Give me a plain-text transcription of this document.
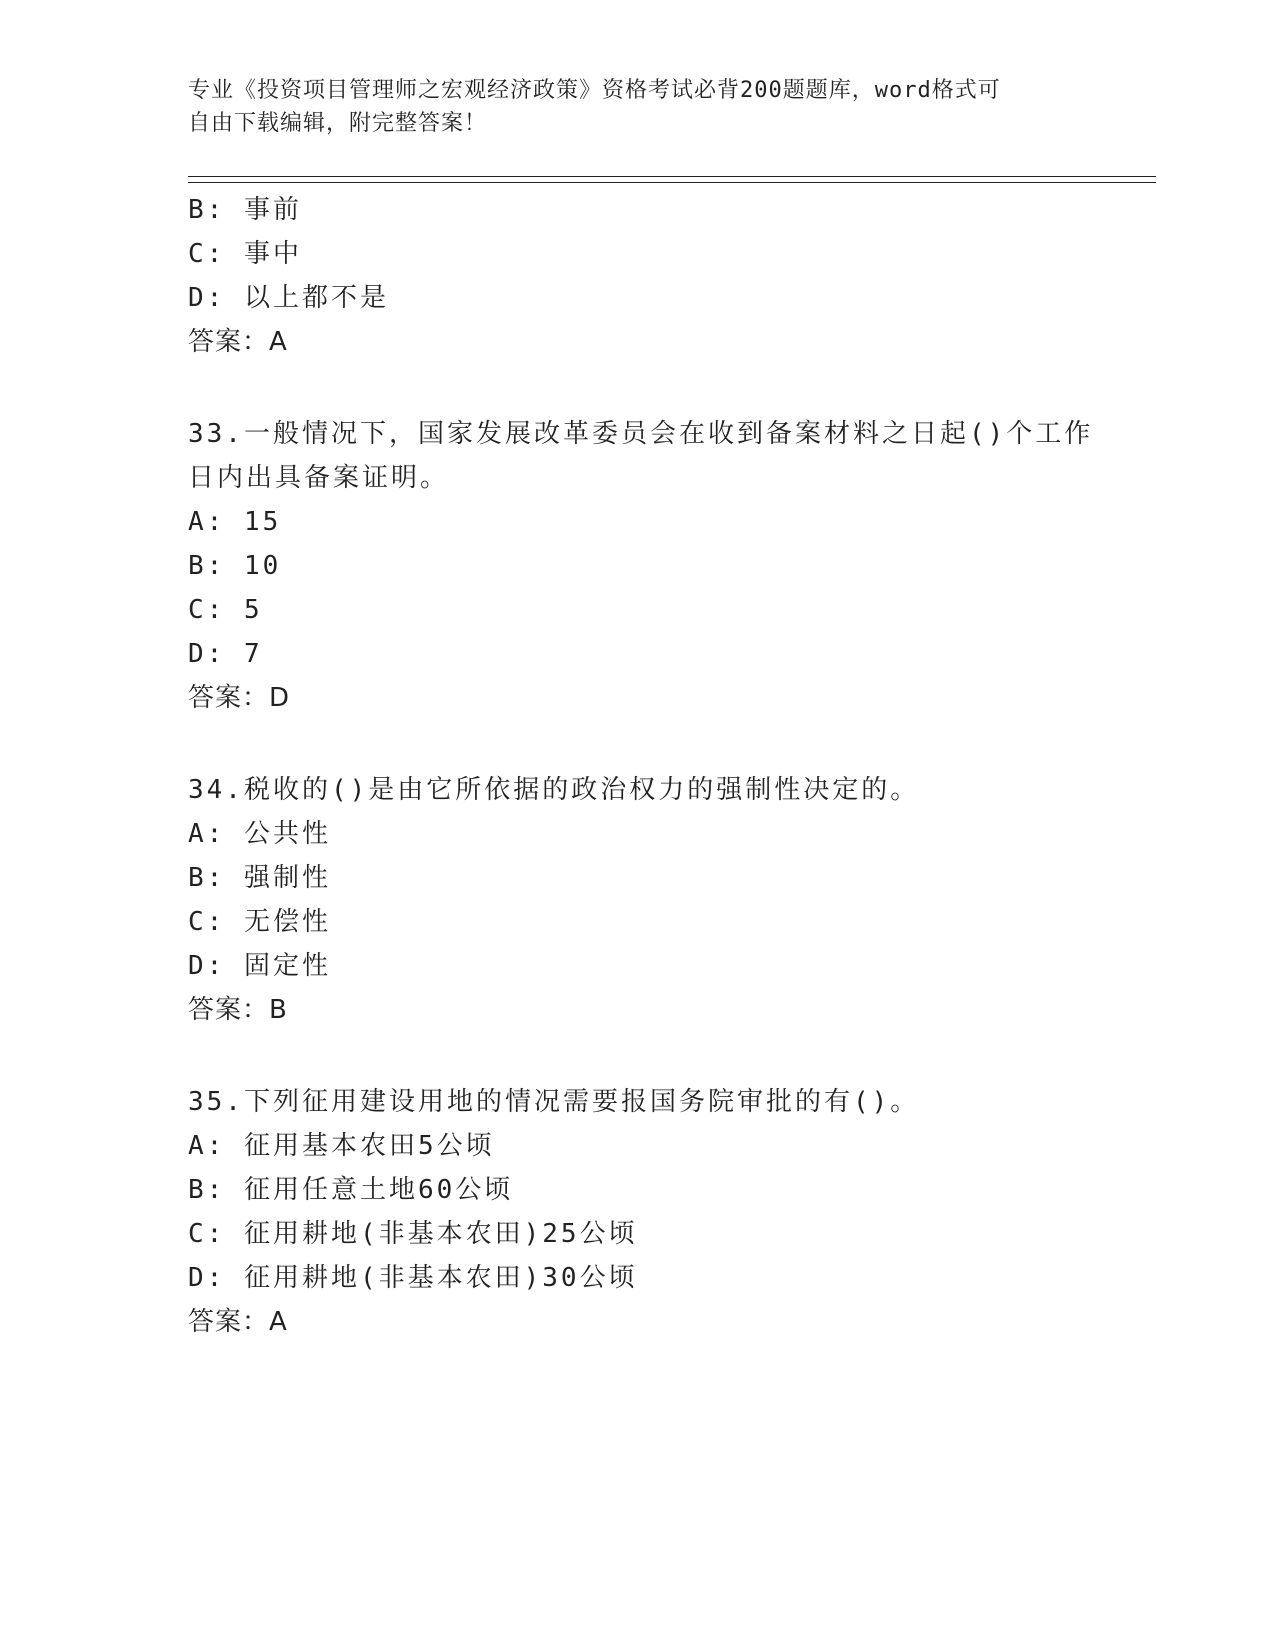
专业《投资项目管理师之宏观经济政策》资格考试必背200题题库，word格式可
自由下载编辑，附完整答案！
B: 事前
C: 事中
D: 以上都不是
答案：A
33.一般情况下，国家发展改革委员会在收到备案材料之日起()个工作
日内出具备案证明。
A: 15
B: 10
C: 5
D: 7
答案：D
34.税收的()是由它所依据的政治权力的强制性决定的。
A: 公共性
B: 强制性
C: 无偿性
D: 固定性
答案：B
35.下列征用建设用地的情况需要报国务院审批的有()。
A: 征用基本农田5公顷
B: 征用任意土地60公顷
C: 征用耕地(非基本农田)25公顷
D: 征用耕地(非基本农田)30公顷
答案：A
